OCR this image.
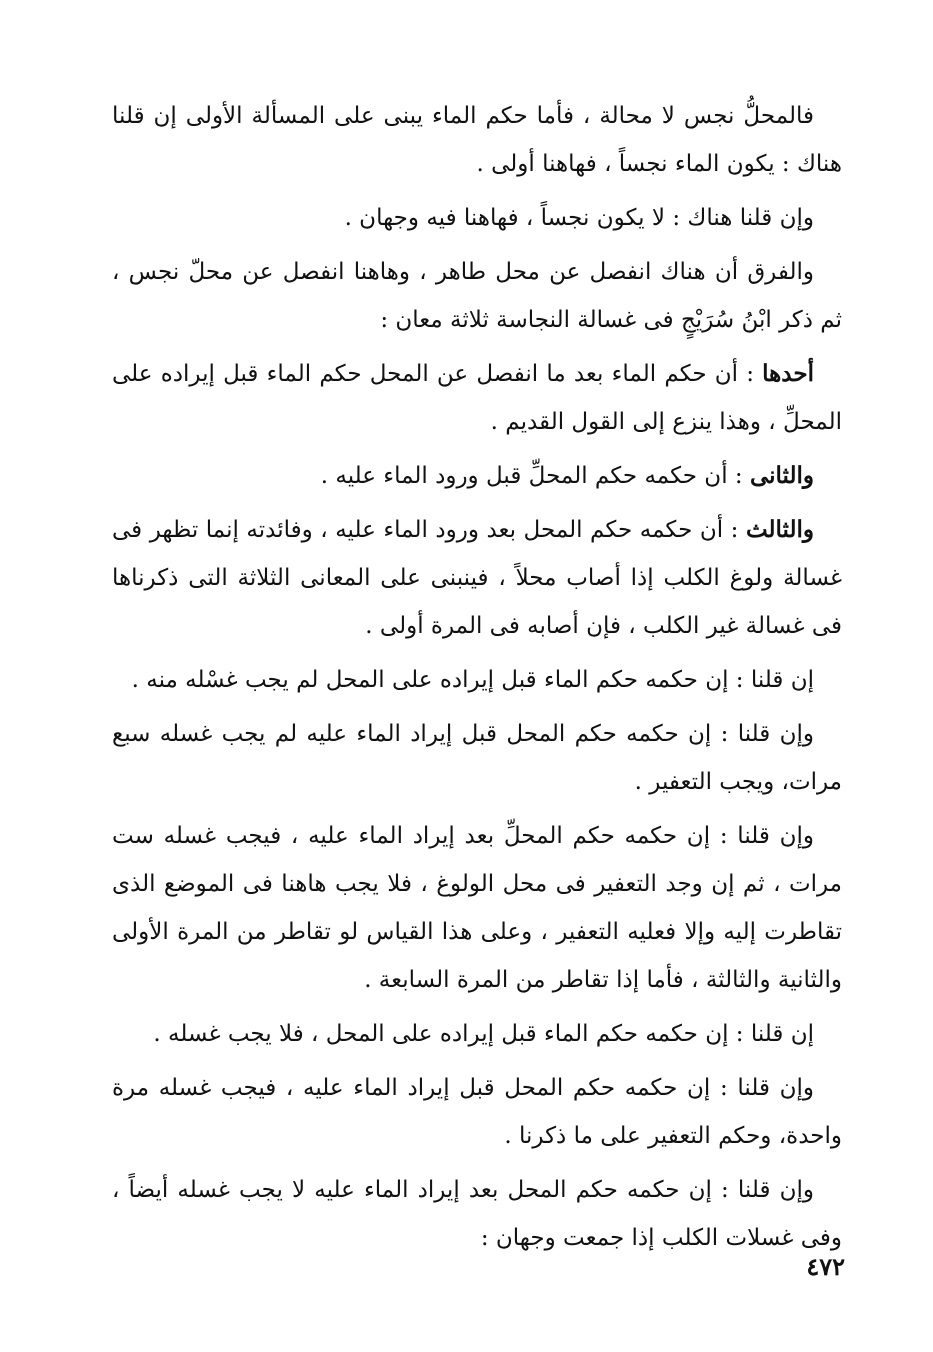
فالمحلُّ نجس لا محالة ، فأما حكم الماء يبنى على المسألة الأولى إن قلنا هناك : يكون الماء نجساً ، فهاهنا أولى .

وإن قلنا هناك : لا يكون نجساً ، فهاهنا فيه وجهان .

والفرق أن هناك انفصل عن محل طاهر ، وهاهنا انفصل عن محلّ نجس ، ثم ذكر ابْنُ سُرَيْجٍ فى غسالة النجاسة ثلاثة معان :

أحدها : أن حكم الماء بعد ما انفصل عن المحل حكم الماء قبل إيراده على المحلِّ ، وهذا ينزع إلى القول القديم .

والثانى : أن حكمه حكم المحلِّ قبل ورود الماء عليه .

والثالث : أن حكمه حكم المحل بعد ورود الماء عليه ، وفائدته إنما تظهر فى غسالة ولوغ الكلب إذا أصاب محلاً ، فينبنى على المعانى الثلاثة التى ذكرناها فى غسالة غير الكلب ، فإن أصابه فى المرة أولى .

إن قلنا : إن حكمه حكم الماء قبل إيراده على المحل لم يجب غسْله منه .

وإن قلنا : إن حكمه حكم المحل قبل إيراد الماء عليه لم يجب غسله سبع مرات، ويجب التعفير .

وإن قلنا : إن حكمه حكم المحلِّ بعد إيراد الماء عليه ، فيجب غسله ست مرات ، ثم إن وجد التعفير فى محل الولوغ ، فلا يجب هاهنا فى الموضع الذى تقاطرت إليه وإلا فعليه التعفير ، وعلى هذا القياس لو تقاطر من المرة الأولى والثانية والثالثة ، فأما إذا تقاطر من المرة السابعة .

إن قلنا : إن حكمه حكم الماء قبل إيراده على المحل ، فلا يجب غسله .

وإن قلنا : إن حكمه حكم المحل قبل إيراد الماء عليه ، فيجب غسله مرة واحدة، وحكم التعفير على ما ذكرنا .

وإن قلنا : إن حكمه حكم المحل بعد إيراد الماء عليه لا يجب غسله أيضاً ، وفى غسلات الكلب إذا جمعت وجهان :

٤٧٢
